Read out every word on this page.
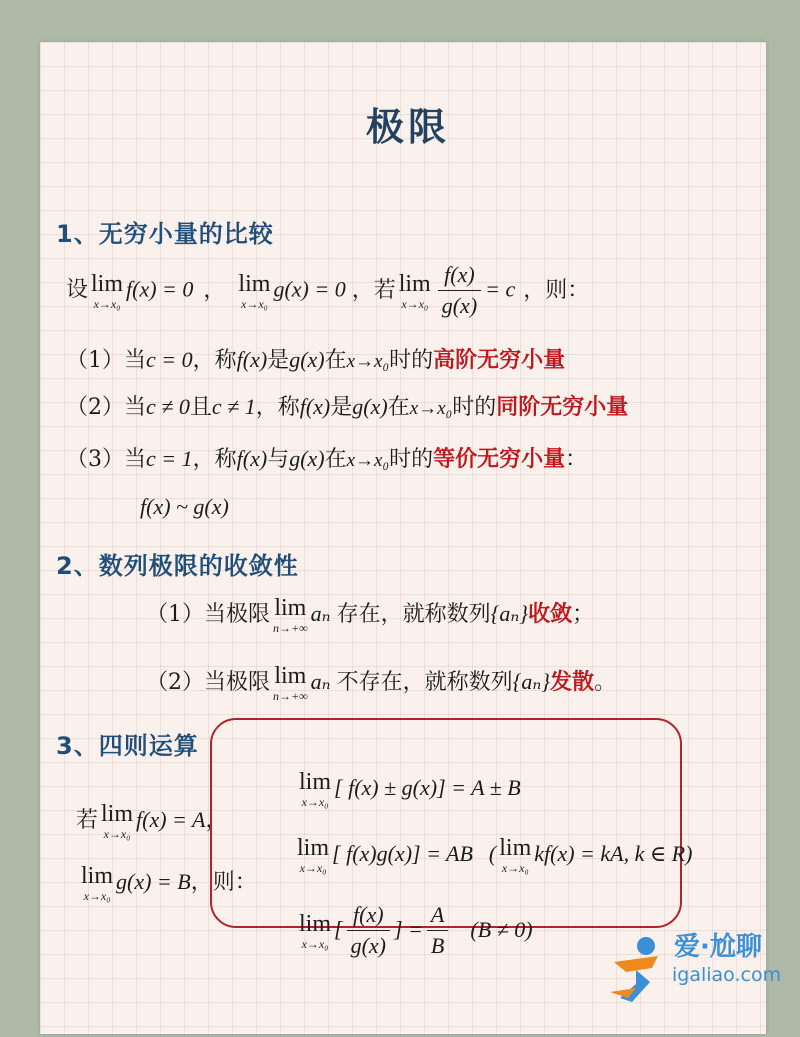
极限
1、无穷小量的比较
设 lim
x→x₀
f(x) = 0 ， lim
x→x₀
g(x) = 0 ，若 lim
$x\to x_0 \frac{f(x)}{g(x)} = c$ ，则：
（1）当c = 0，称f(x)是g(x)在x→x₀时的高阶无穷小量
（2）当c ≠ 0且c ≠ 1，称f(x)是g(x)在x→x₀时的同阶无穷小量
（3）当c = 1，称f(x)与g(x)在x→x₀时的等价无穷小量：
f(x) ~ g(x)
2、数列极限的收敛性
（1）当极限 lim
n→+∞
aₙ 存在，就称数列{aₙ}收敛；
（2）当极限 lim
n→+∞
aₙ 不存在，就称数列{aₙ}发散。
3、四则运算
若 lim
x→x₀
f(x) = A，
lim
x→x₀
g(x) = B，则：
lim
x→x₀
[ f(x) ± g(x)] = A ± B
lim
x→x₀
[ f(x)g(x)] = AB ( lim
x→x₀
kf(x) = kA, k ∈ R)
lim
x→x₀
[ $\frac{f(x)}{g(x)}$ ] = $\frac{A}{B} (B \ne 0)$
爱·尬聊
igaliao.com
